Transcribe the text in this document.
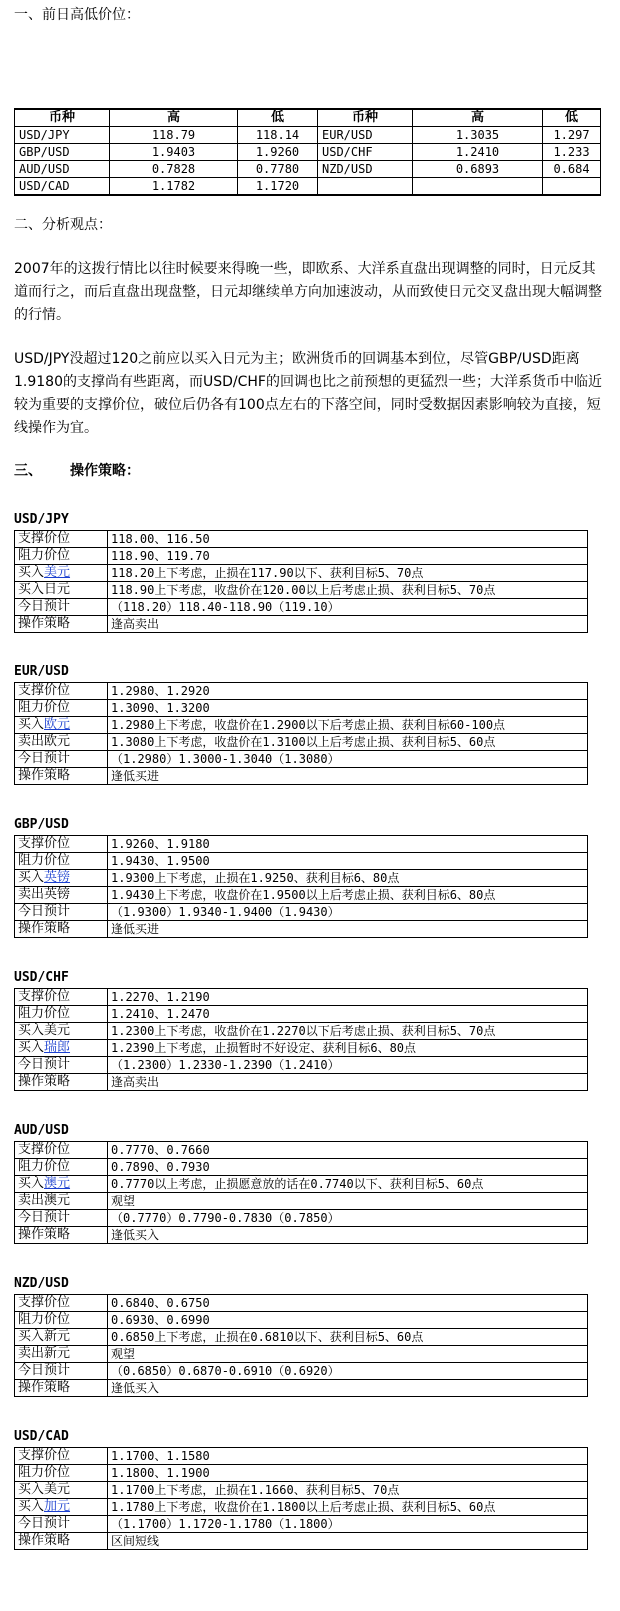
一、前日高低价位：
币种	高	低	币种	高	低
USD/JPY	118.79	118.14	EUR/USD	1.3035	1.297
GBP/USD	1.9403	1.9260	USD/CHF	1.2410	1.233
AUD/USD	0.7828	0.7780	NZD/USD	0.6893	0.684
USD/CAD	1.1782	1.1720			
二、分析观点：
2007年的这拨行情比以往时候要来得晚一些，即欧系、大洋系直盘出现调整的同时，日元反其道而行之，而后直盘出现盘整，日元却继续单方向加速波动，从而致使日元交叉盘出现大幅调整的行情。
USD/JPY没超过120之前应以买入日元为主；欧洲货币的回调基本到位，尽管GBP/USD距离1.9180的支撑尚有些距离，而USD/CHF的回调也比之前预想的更猛烈一些；大洋系货币中临近较为重要的支撑价位，破位后仍各有100点左右的下落空间，同时受数据因素影响较为直接，短线操作为宜。
三、 操作策略：
USD/JPY
支撑价位	118.00、116.50
阻力价位	118.90、119.70
买入美元	118.20上下考虑，止损在117.90以下、获利目标5、70点
买入日元	118.90上下考虑，收盘价在120.00以上后考虑止损、获利目标5、70点
今日预计	（118.20）118.40-118.90（119.10）
操作策略	逢高卖出
EUR/USD
支撑价位	1.2980、1.2920
阻力价位	1.3090、1.3200
买入欧元	1.2980上下考虑，收盘价在1.2900以下后考虑止损、获利目标60-100点
卖出欧元	1.3080上下考虑，收盘价在1.3100以上后考虑止损、获利目标5、60点
今日预计	（1.2980）1.3000-1.3040（1.3080）
操作策略	逢低买进
GBP/USD
支撑价位	1.9260、1.9180
阻力价位	1.9430、1.9500
买入英镑	1.9300上下考虑，止损在1.9250、获利目标6、80点
卖出英镑	1.9430上下考虑，收盘价在1.9500以上后考虑止损、获利目标6、80点
今日预计	（1.9300）1.9340-1.9400（1.9430）
操作策略	逢低买进
USD/CHF
支撑价位	1.2270、1.2190
阻力价位	1.2410、1.2470
买入美元	1.2300上下考虑，收盘价在1.2270以下后考虑止损、获利目标5、70点
买入瑞郎	1.2390上下考虑，止损暂时不好设定、获利目标6、80点
今日预计	（1.2300）1.2330-1.2390（1.2410）
操作策略	逢高卖出
AUD/USD
支撑价位	0.7770、0.7660
阻力价位	0.7890、0.7930
买入澳元	0.7770以上考虑，止损愿意放的话在0.7740以下、获利目标5、60点
卖出澳元	观望
今日预计	（0.7770）0.7790-0.7830（0.7850）
操作策略	逢低买入
NZD/USD
支撑价位	0.6840、0.6750
阻力价位	0.6930、0.6990
买入新元	0.6850上下考虑，止损在0.6810以下、获利目标5、60点
卖出新元	观望
今日预计	（0.6850）0.6870-0.6910（0.6920）
操作策略	逢低买入
USD/CAD
支撑价位	1.1700、1.1580
阻力价位	1.1800、1.1900
买入美元	1.1700上下考虑，止损在1.1660、获利目标5、70点
买入加元	1.1780上下考虑，收盘价在1.1800以上后考虑止损、获利目标5、60点
今日预计	（1.1700）1.1720-1.1780（1.1800）
操作策略	区间短线
